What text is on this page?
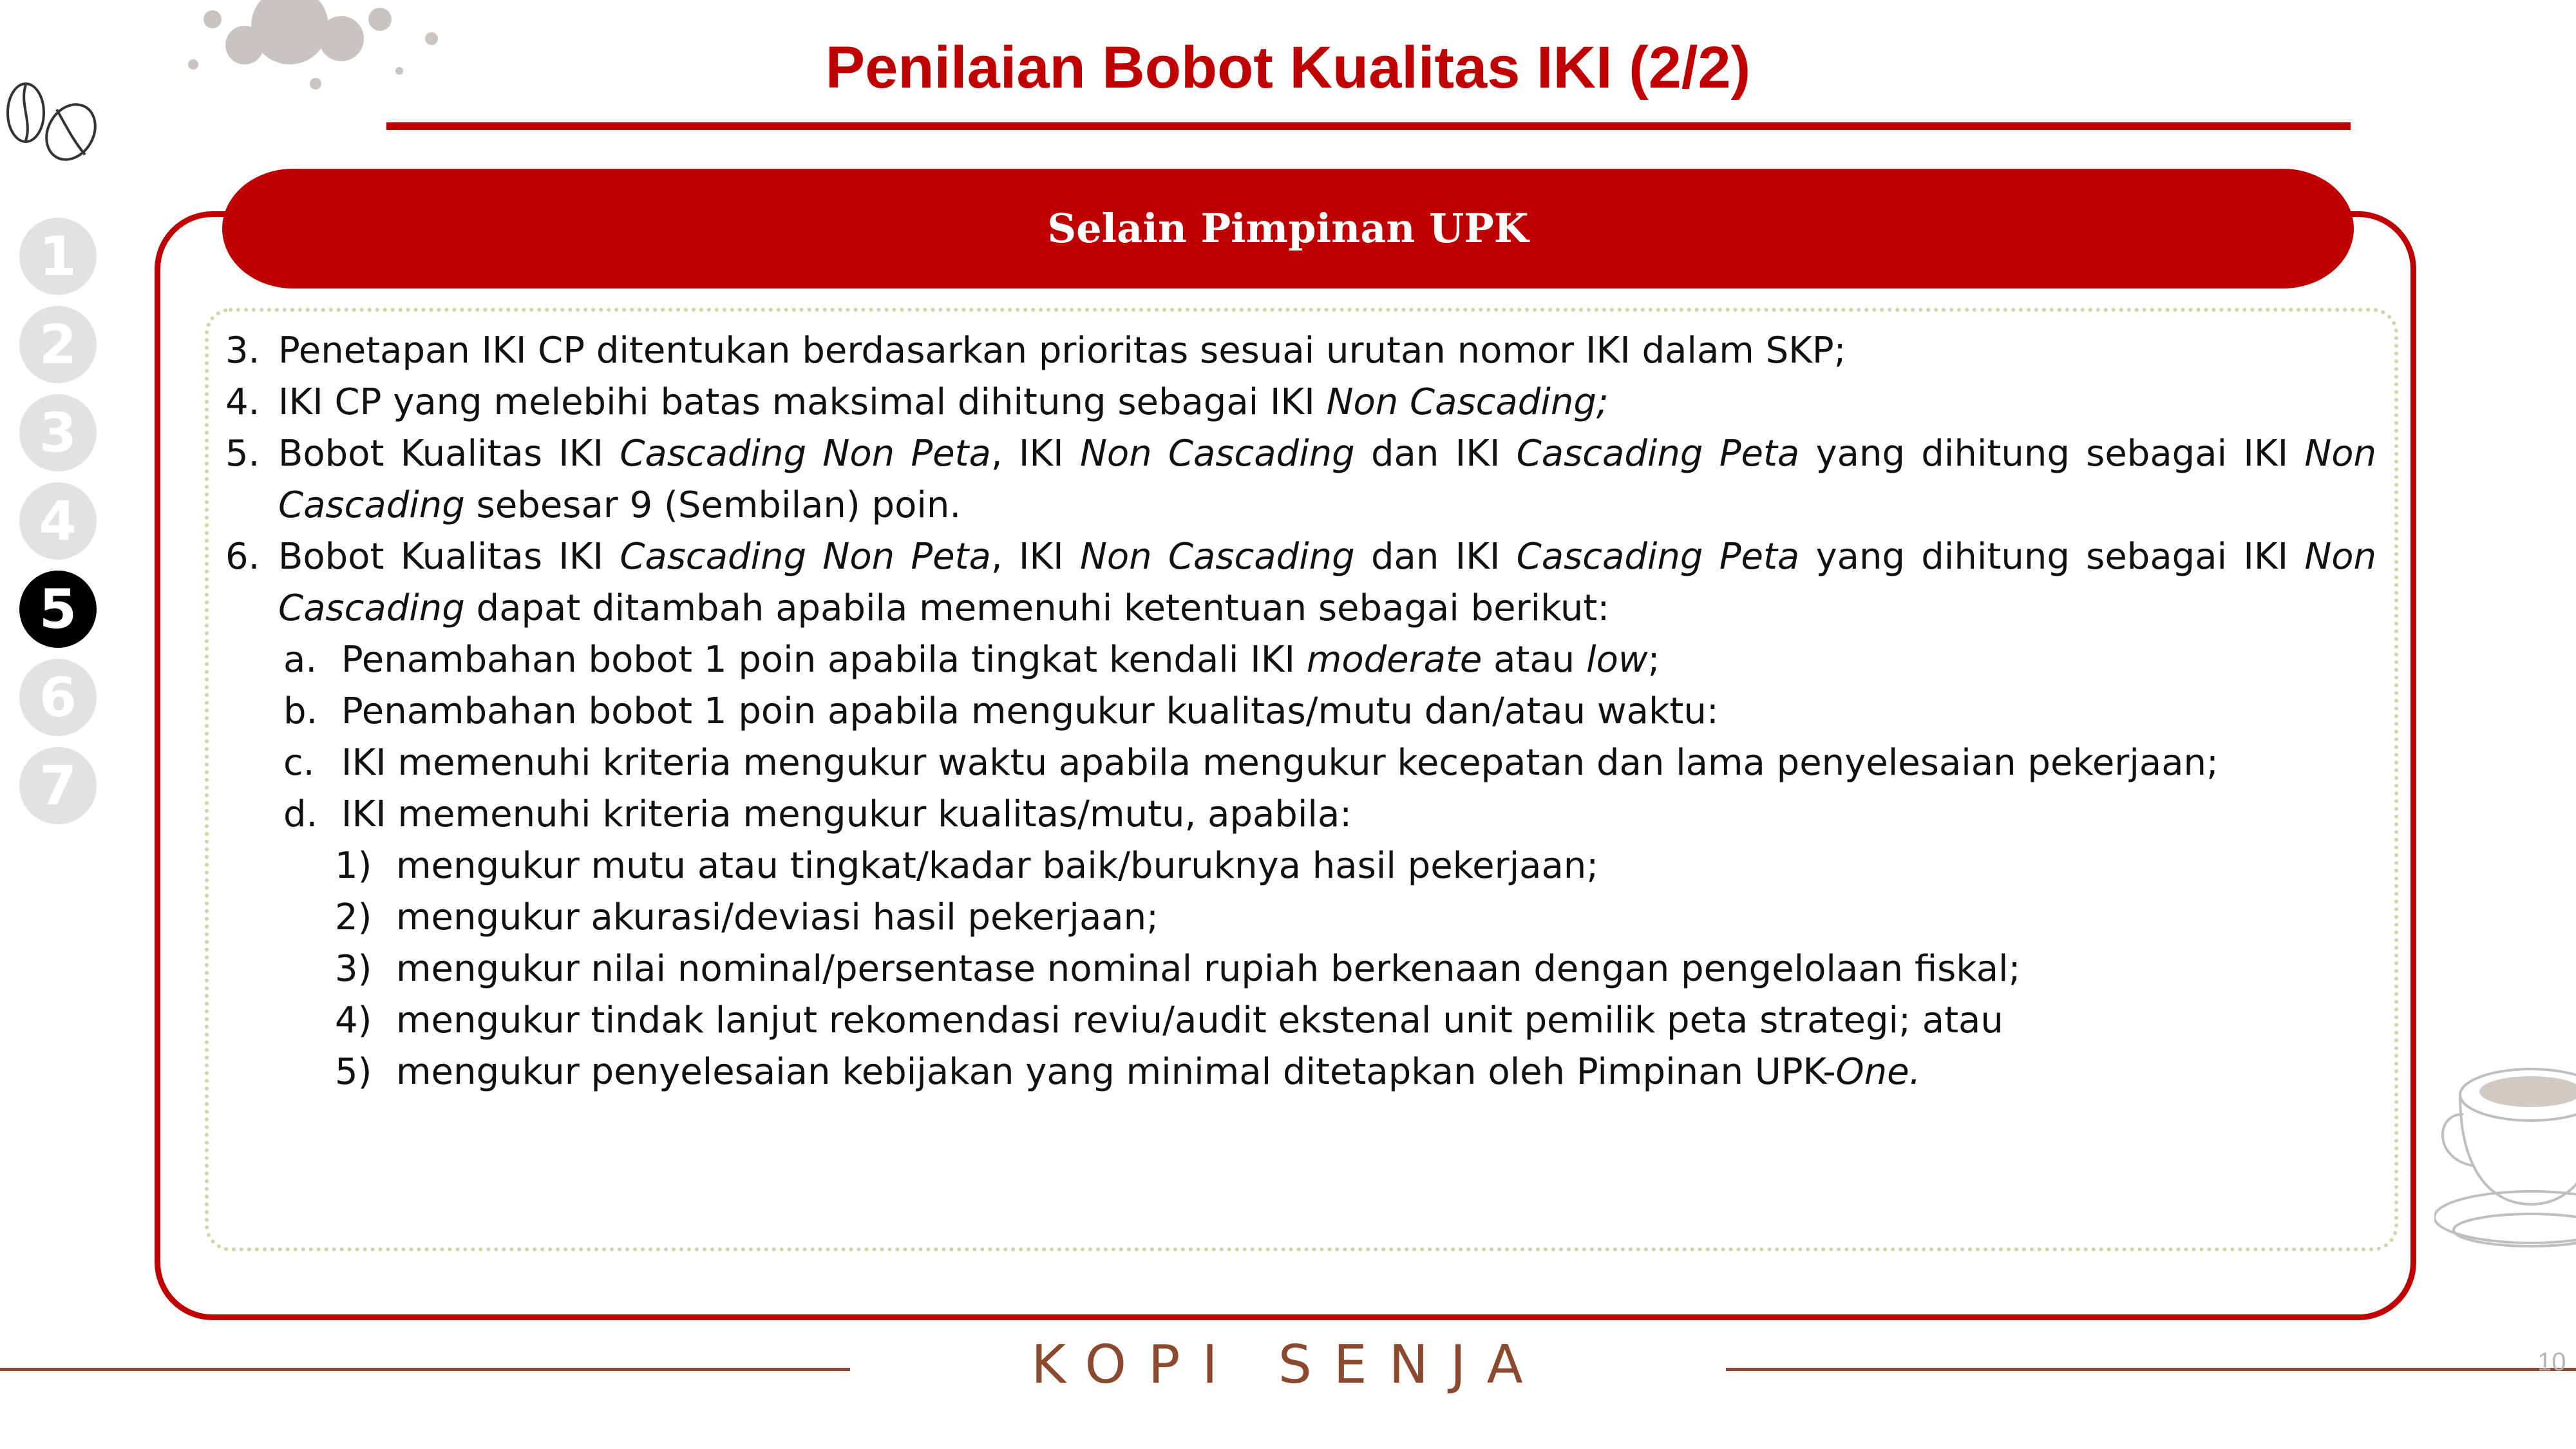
Penilaian Bobot Kualitas IKI (2/2)
1
2
3
4
5
6
7
Selain Pimpinan UPK
3. Penetapan IKI CP ditentukan berdasarkan prioritas sesuai urutan nomor IKI dalam SKP;
4. IKI CP yang melebihi batas maksimal dihitung sebagai IKI Non Cascading;
5. Bobot Kualitas IKI Cascading Non Peta, IKI Non Cascading dan IKI Cascading Peta yang dihitung sebagai IKI Non Cascading sebesar 9 (Sembilan) poin.
6. Bobot Kualitas IKI Cascading Non Peta, IKI Non Cascading dan IKI Cascading Peta yang dihitung sebagai IKI Non Cascading dapat ditambah apabila memenuhi ketentuan sebagai berikut:
a. Penambahan bobot 1 poin apabila tingkat kendali IKI moderate atau low;
b. Penambahan bobot 1 poin apabila mengukur kualitas/mutu dan/atau waktu:
c. IKI memenuhi kriteria mengukur waktu apabila mengukur kecepatan dan lama penyelesaian pekerjaan;
d. IKI memenuhi kriteria mengukur kualitas/mutu, apabila:
1) mengukur mutu atau tingkat/kadar baik/buruknya hasil pekerjaan;
2) mengukur akurasi/deviasi hasil pekerjaan;
3) mengukur nilai nominal/persentase nominal rupiah berkenaan dengan pengelolaan fiskal;
4) mengukur tindak lanjut rekomendasi reviu/audit ekstenal unit pemilik peta strategi; atau
5) mengukur penyelesaian kebijakan yang minimal ditetapkan oleh Pimpinan UPK-One.
KOPI SENJA	10
